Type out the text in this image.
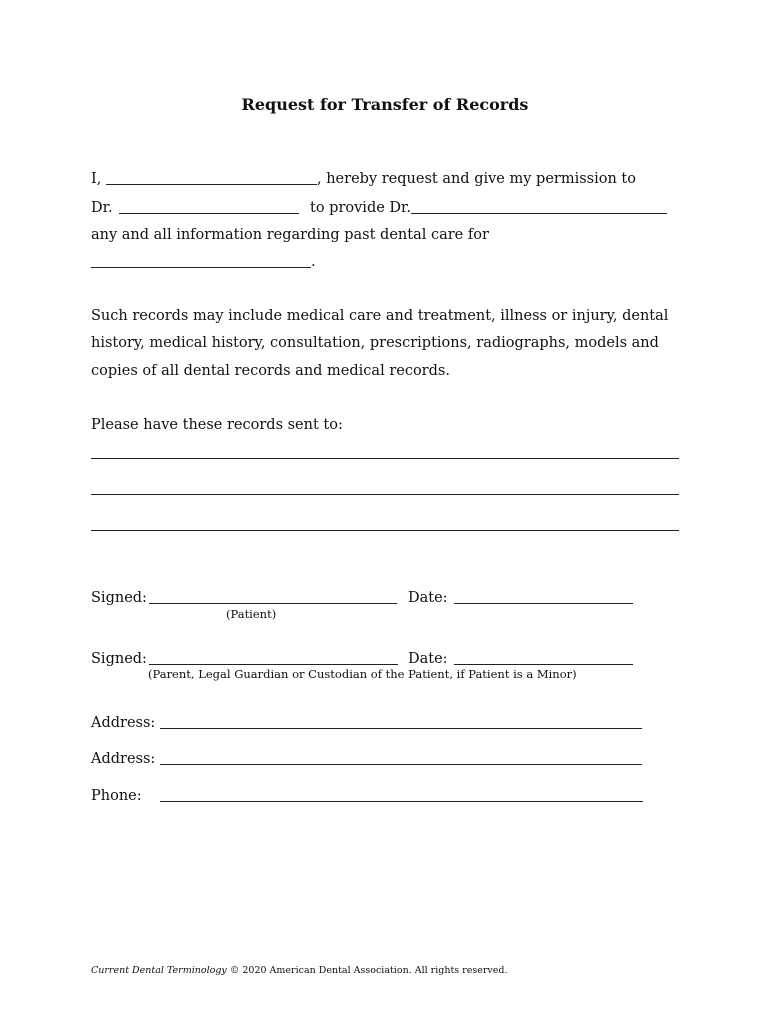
Request for Transfer of Records
I,	, hereby request and give my permission to
Dr.	to provide Dr.
any and all information regarding past dental care for
.
Such records may include medical care and treatment, illness or injury, dental
history, medical history, consultation, prescriptions, radiographs, models and
copies of all dental records and medical records.
Please have these records sent to:
Signed:	Date:
(Patient)
Signed:	Date:
(Parent, Legal Guardian or Custodian of the Patient, if Patient is a Minor)
Address:
Address:
Phone:
Current Dental Terminology © 2020 American Dental Association. All rights reserved.
